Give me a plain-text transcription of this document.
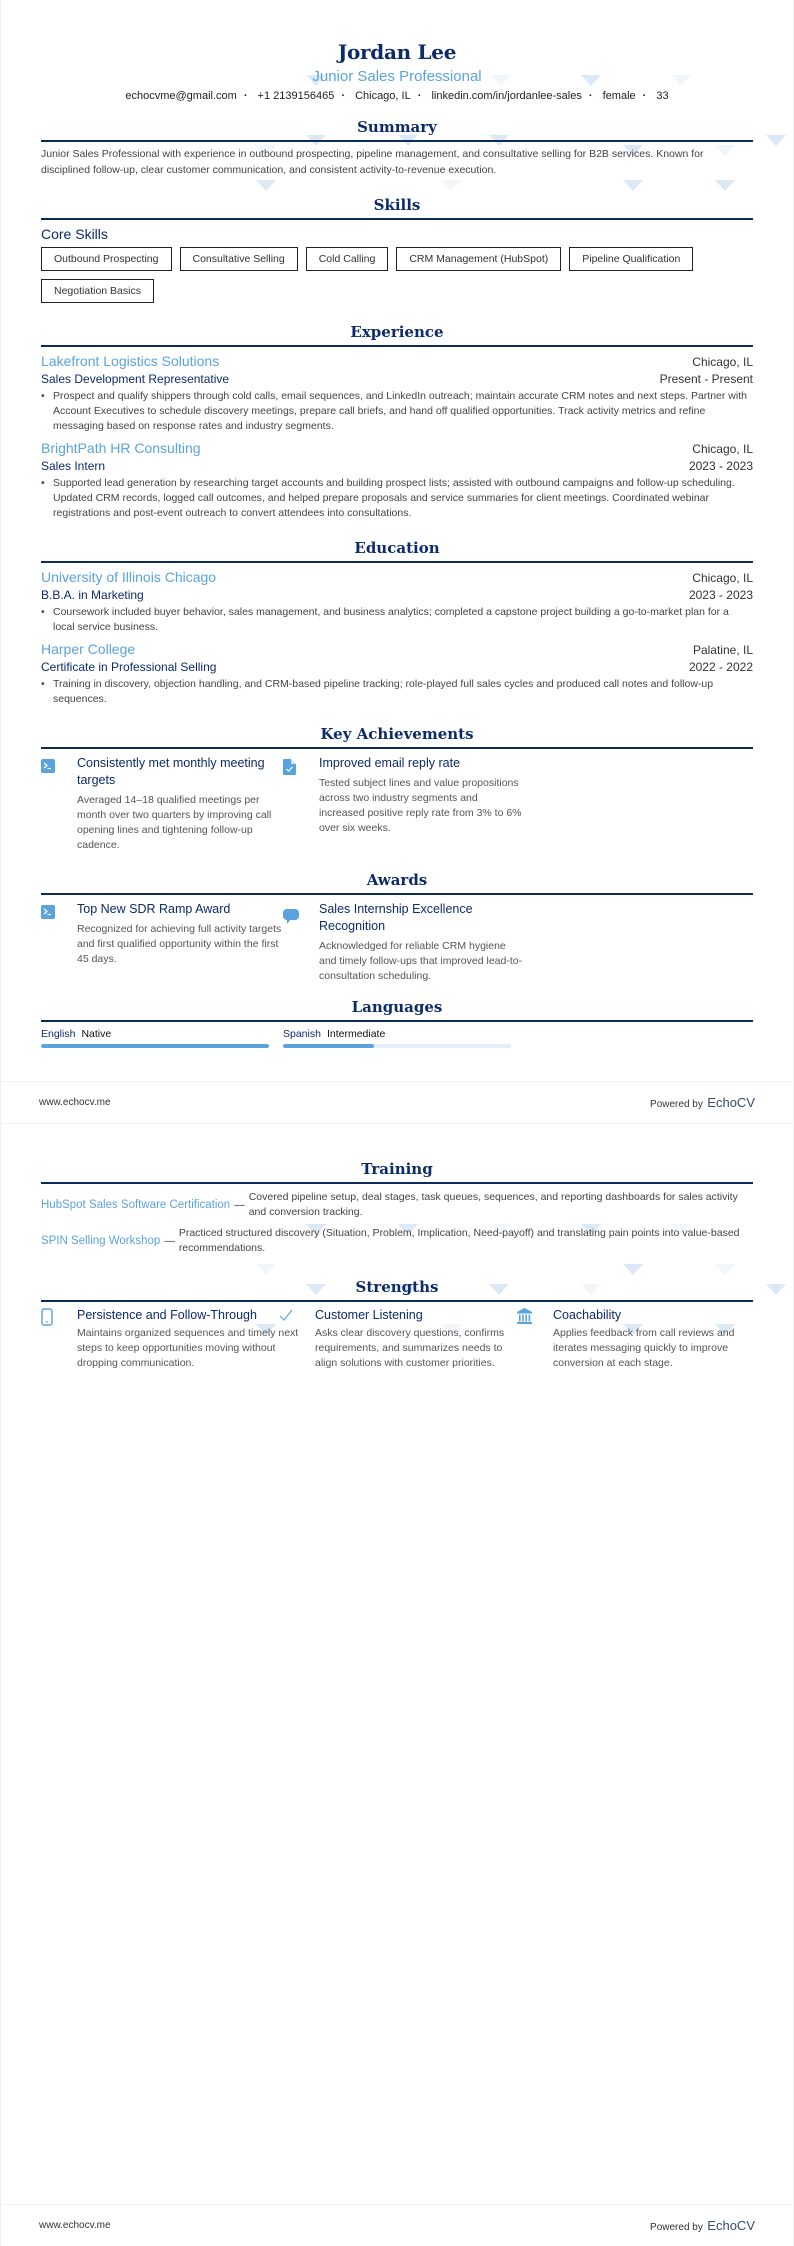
Jordan Lee
Junior Sales Professional
echocvme@gmail.com · +1 2139156465 · Chicago, IL · linkedin.com/in/jordanlee-sales · female · 33
Summary
Junior Sales Professional with experience in outbound prospecting, pipeline management, and consultative selling for B2B services. Known for disciplined follow-up, clear customer communication, and consistent activity-to-revenue execution.
Skills
Core Skills
Outbound Prospecting	Consultative Selling	Cold Calling	CRM Management (HubSpot)	Pipeline Qualification
Negotiation Basics
Experience
Lakefront Logistics Solutions	Chicago, IL
Sales Development Representative	Present - Present
• Prospect and qualify shippers through cold calls, email sequences, and LinkedIn outreach; maintain accurate CRM notes and next steps. Partner with Account Executives to schedule discovery meetings, prepare call briefs, and hand off qualified opportunities. Track activity metrics and refine messaging based on response rates and industry segments.
BrightPath HR Consulting	Chicago, IL
Sales Intern	2023 - 2023
• Supported lead generation by researching target accounts and building prospect lists; assisted with outbound campaigns and follow-up scheduling. Updated CRM records, logged call outcomes, and helped prepare proposals and service summaries for client meetings. Coordinated webinar registrations and post-event outreach to convert attendees into consultations.
Education
University of Illinois Chicago	Chicago, IL
B.B.A. in Marketing	2023 - 2023
• Coursework included buyer behavior, sales management, and business analytics; completed a capstone project building a go-to-market plan for a local service business.
Harper College	Palatine, IL
Certificate in Professional Selling	2022 - 2022
• Training in discovery, objection handling, and CRM-based pipeline tracking; role-played full sales cycles and produced call notes and follow-up sequences.
Key Achievements
Consistently met monthly meeting targets
Averaged 14–18 qualified meetings per month over two quarters by improving call opening lines and tightening follow-up cadence.
Improved email reply rate
Tested subject lines and value propositions across two industry segments and increased positive reply rate from 3% to 6% over six weeks.
Awards
Top New SDR Ramp Award
Recognized for achieving full activity targets and first qualified opportunity within the first 45 days.
Sales Internship Excellence Recognition
Acknowledged for reliable CRM hygiene and timely follow-ups that improved lead-to-consultation scheduling.
Languages
English Native	Spanish Intermediate
www.echocv.me	Powered by EchoCV
Training
HubSpot Sales Software Certification —
Covered pipeline setup, deal stages, task queues, sequences, and reporting dashboards for sales activity and conversion tracking.
SPIN Selling Workshop —
Practiced structured discovery (Situation, Problem, Implication, Need-payoff) and translating pain points into value-based recommendations.
Strengths
Persistence and Follow-Through
Maintains organized sequences and timely next steps to keep opportunities moving without dropping communication.
Customer Listening
Asks clear discovery questions, confirms requirements, and summarizes needs to align solutions with customer priorities.
Coachability
Applies feedback from call reviews and iterates messaging quickly to improve conversion at each stage.
www.echocv.me	Powered by EchoCV
